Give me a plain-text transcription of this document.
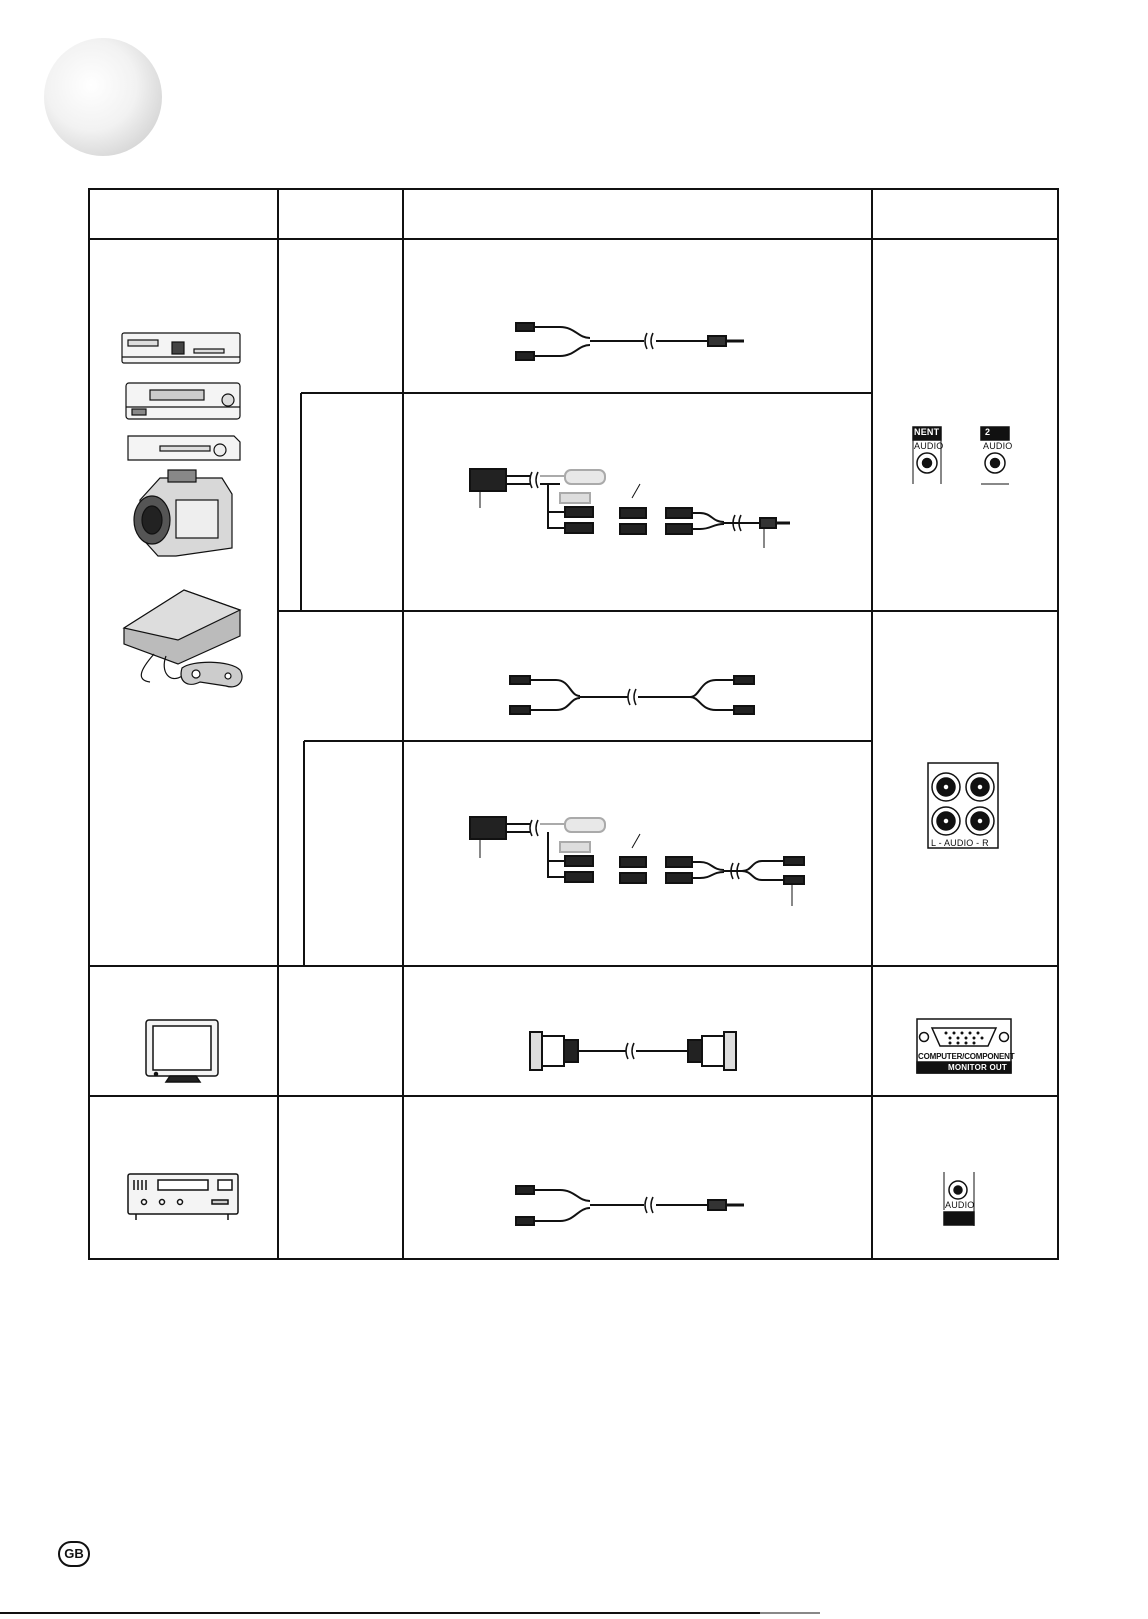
NENT 1	2
AUDIO	AUDIO
L - AUDIO - R
COMPUTER/COMPONENT
MONITOR OUT
AUDIO
GB
